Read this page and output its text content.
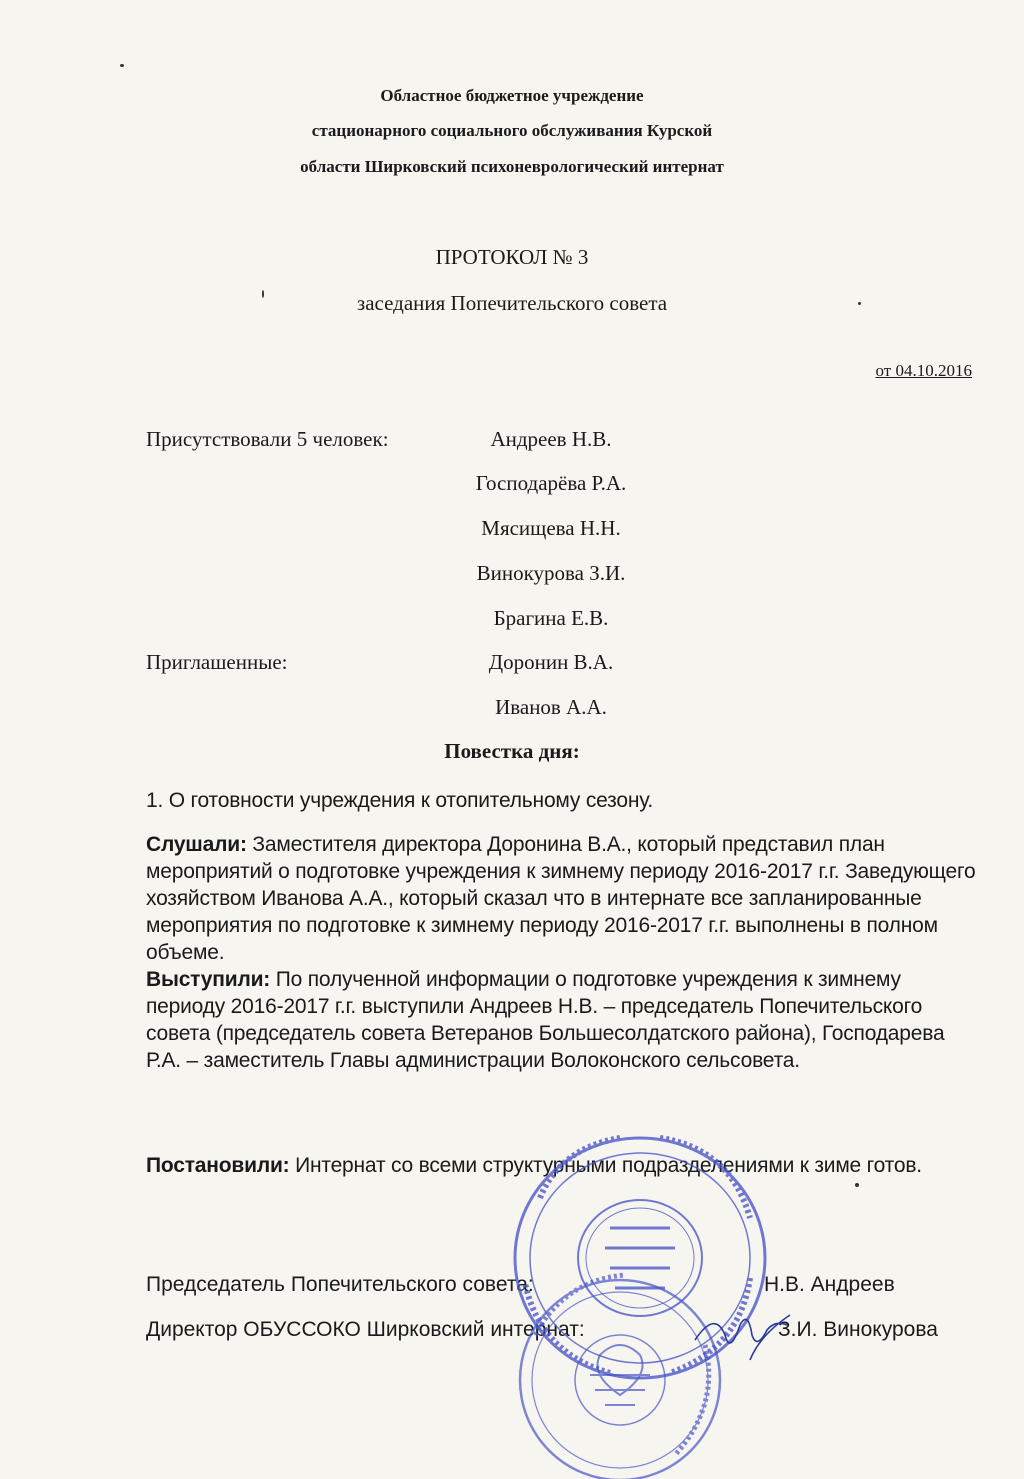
Областное бюджетное учреждение
стационарного социального обслуживания Курской
области Ширковский психоневрологический интернат
ПРОТОКОЛ № 3
заседания Попечительского совета
от 04.10.2016
Присутствовали 5 человек:	Андреев Н.В.
Господарёва Р.А.
Мясищева Н.Н.
Винокурова З.И.
Брагина Е.В.
Приглашенные:	Доронин В.А.
Иванов А.А.
Повестка дня:
1. О готовности учреждения к отопительному сезону.
Слушали: Заместителя директора Доронина В.А., который представил план мероприятий о подготовке учреждения к зимнему периоду 2016-2017 г.г. Заведующего хозяйством Иванова А.А., который сказал что в интернате все запланированные мероприятия по подготовке к зимнему периоду 2016-2017 г.г. выполнены в полном объеме.
Выступили: По полученной информации о подготовке учреждения к зимнему периоду 2016-2017 г.г. выступили Андреев Н.В. – председатель Попечительского совета (председатель совета Ветеранов Большесолдатского района), Господарева Р.А. – заместитель Главы администрации Волоконского сельсовета.
Постановили: Интернат со всеми структурными подразделениями к зиме готов.
Председатель Попечительского совета:	Н.В. Андреев
Директор ОБУССОКО Ширковский интернат:	З.И. Винокурова
